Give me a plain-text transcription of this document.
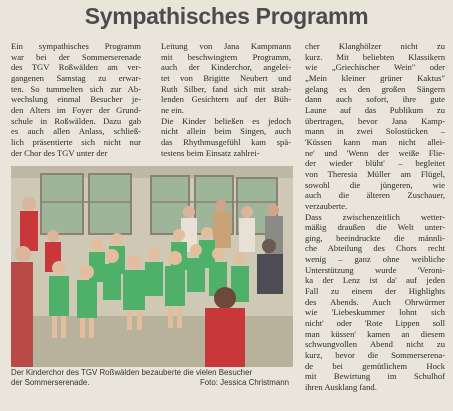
Sympathisches Programm
Ein sympathisches Programm
war bei der Sommerserenade
des TGV Roßwälden am ver-
gangenen Samstag zu erwar-
ten. So tummelten sich zur Ab-
wechslung einmal Besucher je-
den Alters im Foyer der Grund-
schule in Roßwälden. Dazu gab
es auch allen Anlass, schließ-
lich präsentierte sich nicht nur
der Chor des TGV unter der
Leitung von Jana Kampmann
mit beschwingtem Programm,
auch der Kinderchor, angelei-
tet von Brigitte Neubert und
Ruth Silber, fand sich mit strah-
lenden Gesichtern auf der Büh-
ne ein.
Die Kinder beließen es jedoch
nicht allein beim Singen, auch
das Rhythmusgefühl kam spä-
testens beim Einsatz zahlrei-
cher Klanghölzer nicht zu
kurz. Mit beliebten Klassikern
wie „Griechischer Wein" oder
„Mein kleiner grüner Kaktus"
gelang es den großen Sängern
dann auch sofort, ihre gute
Laune auf das Publikum zu
übertragen, bevor Jana Kamp-
mann in zwei Solostücken –
'Küssen kann man nicht allei-
ne' und 'Wenn der weiße Flie-
der wieder blüht' – begleitet
von Theresia Müller am Flügel,
sowohl die jüngeren, wie
auch die älteren Zuschauer,
verzauberte.
Dass zwischenzeitlich wetter-
mäßig draußen die Welt unter-
ging, beeindruckte die männli-
che Abteilung des Chors recht
wenig – ganz ohne weibliche
Unterstützung wurde 'Veroni-
ka der Lenz ist da' auf jeden
Fall zu einem der Highlights
des Abends. Auch Ohrwürmer
wie 'Liebeskummer lohnt sich
nicht' oder 'Rote Lippen soll
man küssen' kamen an diesem
schwungvollen Abend nicht zu
kurz, bevor die Sommerserena-
de bei gemütlichem Hock
mit Bewirtung im Schulhof
ihren Ausklang fand.
Der Kinderchor des TGV Roßwälden bezauberte die vielen Besucher
der Sommerserenade.	Foto: Jessica Christmann
